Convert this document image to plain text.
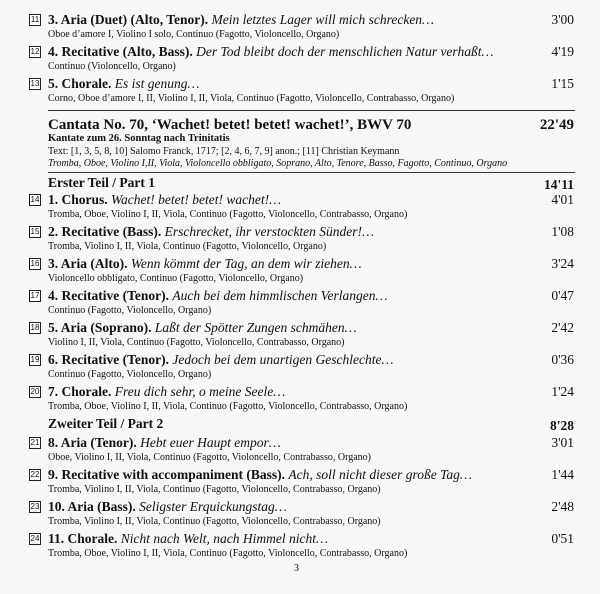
11 3. Aria (Duet) (Alto, Tenor). Mein letztes Lager will mich schrecken…	3'00
Oboe d’amore I, Violino I solo, Continuo (Fagotto, Violoncello, Organo)
12 4. Recitative (Alto, Bass). Der Tod bleibt doch der menschlichen Natur verhaßt…	4'19
Continuo (Violoncello, Organo)
13 5. Chorale. Es ist genung…	1'15
Corno, Oboe d’amore I, II, Violino I, II, Viola, Continuo (Fagotto, Violoncello, Contrabasso, Organo)
Cantata No. 70, ‘Wachet! betet! betet! wachet!’, BWV 70	22'49
Kantate zum 26. Sonntag nach Trinitatis
Text: [1, 3, 5, 8, 10] Salomo Franck, 1717; [2, 4, 6, 7, 9] anon.; [11] Christian Keymann
Tromba, Oboe, Violino I,II, Viola, Violoncello obbligato, Soprano, Alto, Tenore, Basso, Fagotto, Continuo, Organo
Erster Teil / Part 1	14'11
14 1. Chorus. Wachet! betet! betet! wachet!…	4'01
Tromba, Oboe, Violino I, II, Viola, Continuo (Fagotto, Violoncello, Contrabasso, Organo)
15 2. Recitative (Bass). Erschrecket, ihr verstockten Sünder!…	1'08
Tromba, Violino I, II, Viola, Continuo (Fagotto, Violoncello, Organo)
16 3. Aria (Alto). Wenn kömmt der Tag, an dem wir ziehen…	3'24
Violoncello obbligato, Continuo (Fagotto, Violoncello, Organo)
17 4. Recitative (Tenor). Auch bei dem himmlischen Verlangen…	0'47
Continuo (Fagotto, Violoncello, Organo)
18 5. Aria (Soprano). Laßt der Spötter Zungen schmähen…	2'42
Violino I, II, Viola, Continuo (Fagotto, Violoncello, Contrabasso, Organo)
19 6. Recitative (Tenor). Jedoch bei dem unartigen Geschlechte…	0'36
Continuo (Fagotto, Violoncello, Organo)
20 7. Chorale. Freu dich sehr, o meine Seele…	1'24
Tromba, Oboe, Violino I, II, Viola, Continuo (Fagotto, Violoncello, Contrabasso, Organo)
Zweiter Teil / Part 2	8'28
21 8. Aria (Tenor). Hebt euer Haupt empor…	3'01
Oboe, Violino I, II, Viola, Continuo (Fagotto, Violoncello, Contrabasso, Organo)
22 9. Recitative with accompaniment (Bass). Ach, soll nicht dieser große Tag…	1'44
Tromba, Violino I, II, Viola, Continuo (Fagotto, Violoncello, Contrabasso, Organo)
23 10. Aria (Bass). Seligster Erquickungstag…	2'48
Tromba, Violino I, II, Viola, Continuo (Fagotto, Violoncello, Contrabasso, Organo)
24 11. Chorale. Nicht nach Welt, nach Himmel nicht…	0'51
Tromba, Oboe, Violino I, II, Viola, Continuo (Fagotto, Violoncello, Contrabasso, Organo)
3
